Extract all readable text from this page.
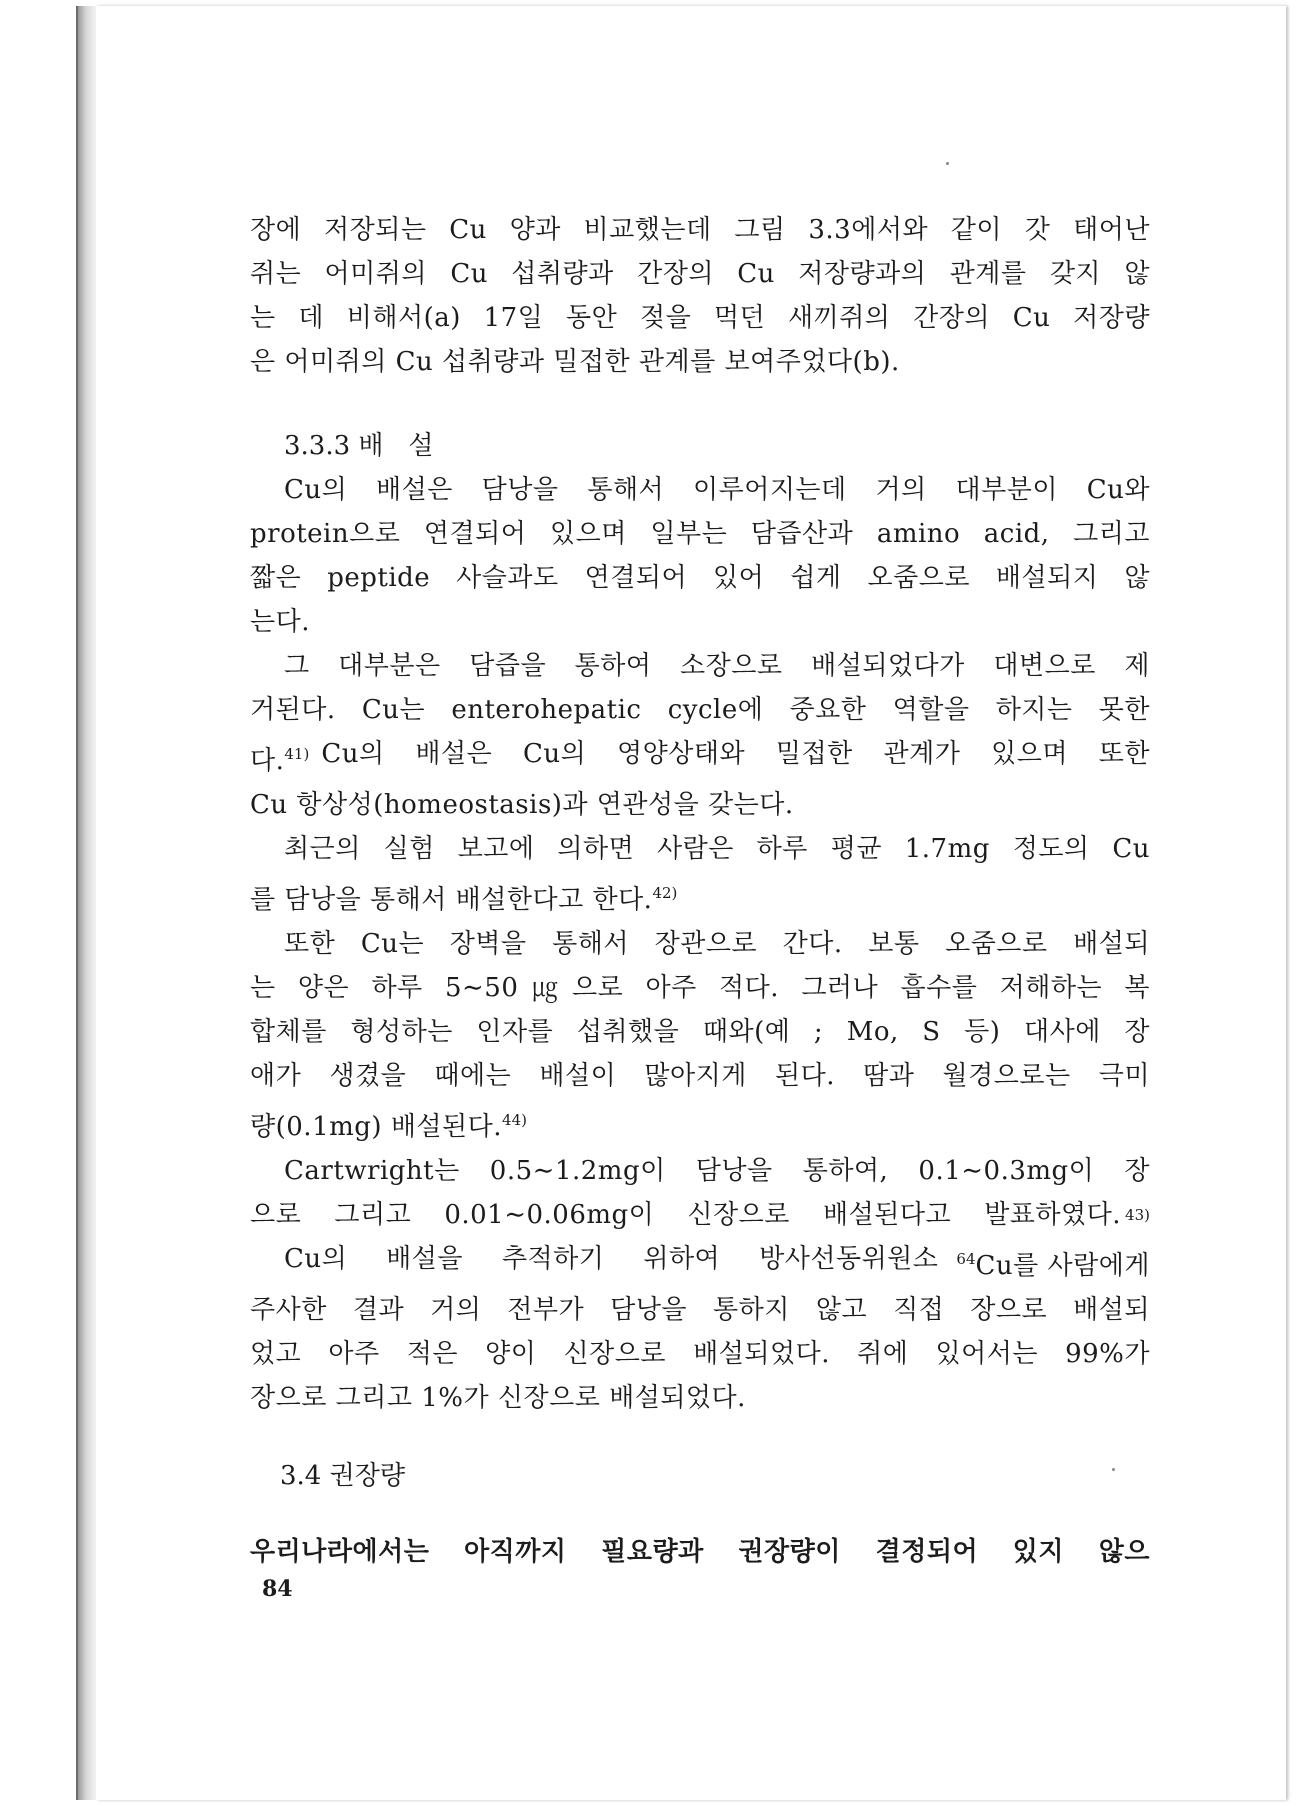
장에 저장되는 Cu 양과 비교했는데 그림 3.3에서와 같이 갓 태어난
쥐는 어미쥐의 Cu 섭취량과 간장의 Cu 저장량과의 관계를 갖지 않
는 데 비해서(a) 17일 동안 젖을 먹던 새끼쥐의 간장의 Cu 저장량
은 어미쥐의 Cu 섭취량과 밀접한 관계를 보여주었다(b).

3.3.3 배   설

Cu의 배설은 담낭을 통해서 이루어지는데 거의 대부분이 Cu와
protein으로 연결되어 있으며 일부는 담즙산과 amino acid, 그리고
짧은 peptide 사슬과도 연결되어 있어 쉽게 오줌으로 배설되지 않
는다.

그 대부분은 담즙을 통하여 소장으로 배설되었다가 대변으로 제
거된다. Cu는 enterohepatic cycle에 중요한 역할을 하지는 못한
다.$^{41)}$ Cu의 배설은 Cu의 영양상태와 밀접한 관계가 있으며 또한
Cu 항상성(homeostasis)과 연관성을 갖는다.

최근의 실험 보고에 의하면 사람은 하루 평균 1.7mg 정도의 Cu
를 담낭을 통해서 배설한다고 한다.$^{42)}$

또한 Cu는 장벽을 통해서 장관으로 간다. 보통 오줌으로 배설되
는 양은 하루 5∼50㎍으로 아주 적다. 그러나 흡수를 저해하는 복
합체를 형성하는 인자를 섭취했을 때와(예 ; Mo, S 등) 대사에 장
애가 생겼을 때에는 배설이 많아지게 된다. 땀과 월경으로는 극미
량(0.1mg) 배설된다.$^{44)}$

Cartwright는 0.5∼1.2mg이 담낭을 통하여, 0.1∼0.3mg이 장
으로 그리고 0.01∼0.06mg이 신장으로 배설된다고 발표하였다. 43)

Cu의 배설을 추적하기 위하여 방사선동위원소 $^{64}$Cu를 사람에게
주사한 결과 거의 전부가 담낭을 통하지 않고 직접 장으로 배설되
었고 아주 적은 양이 신장으로 배설되었다. 쥐에 있어서는 99%가
장으로 그리고 1%가 신장으로 배설되었다.

3.4 권장량

우리나라에서는 아직까지 필요량과 권장량이 결정되어 있지 않으

84
